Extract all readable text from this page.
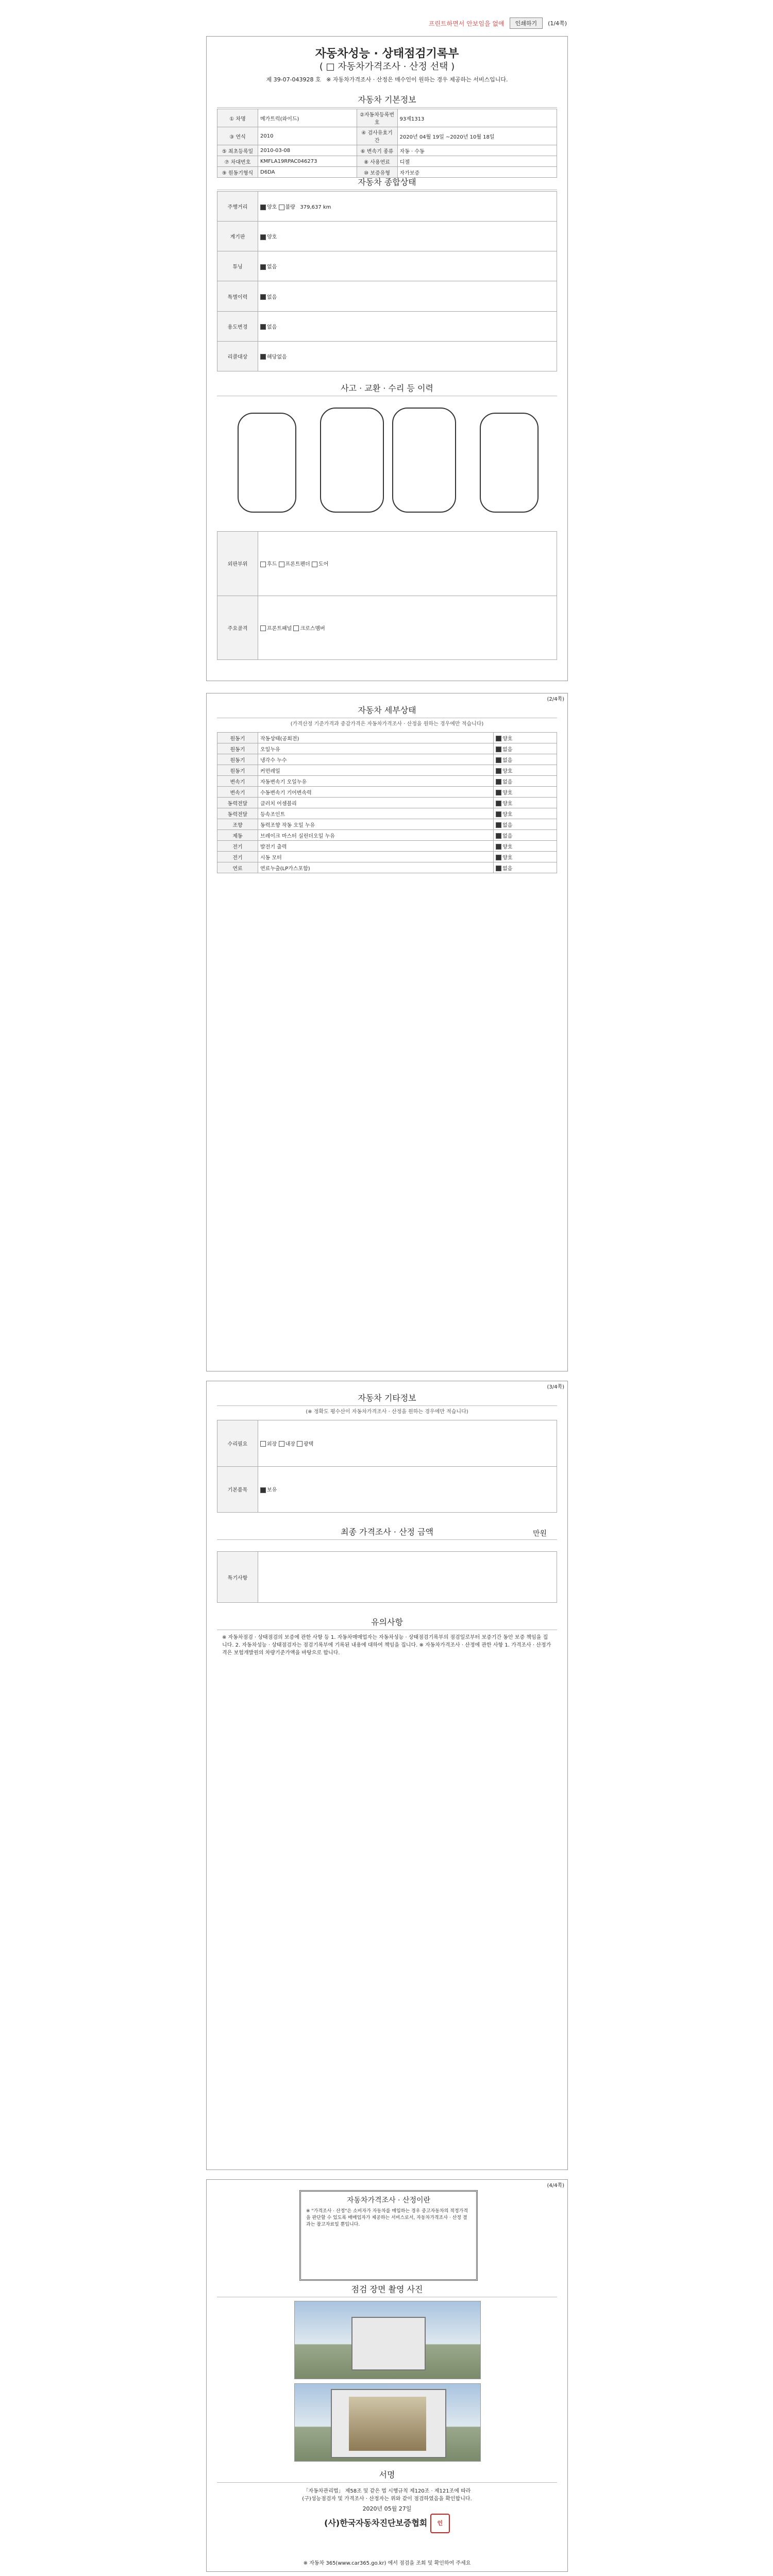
프린트하면서 안보임을 없애	인쇄하기	(1/4쪽)
자동차성능 · 상태점검기록부
( □ 자동차가격조사 · 산정 선택 )
제 39-07-043928 호 ※ 자동차가격조사 · 산정은 매수인이 원하는 경우 제공하는 서비스입니다.
자동차 기본정보
① 차명	메가트럭(와이드)	②자동차등록번호	93제1313
③ 연식	2010	④ 검사유효기간	2020년 04월 19일 ~2020년 10월 18일
⑤ 최초등록일	2010-03-08	⑥ 변속기 종류	자동 · 수동
⑦ 차대번호	KMFLA19RPAC046273	⑧ 사용연료	디젤
⑨ 원동기형식	D6DA	⑩ 보증유형	자가보증
자동차 종합상태
주행거리	양호 불량   379,637 km
계기판	양호
튜닝	없음
특별이력	없음
용도변경	없음
리콜대상	해당없음
사고 · 교환 · 수리 등 이력
외판부위	후드 프론트펜더 도어
주요골격	프론트패널 크로스멤버
(2/4쪽)
자동차 세부상태
(가격산정 기준가격과 중감가격은 자동차가격조사 · 산정을 원하는 경우에만 적습니다)
원동기	작동상태(공회전)	양호
원동기	오일누유	없음
원동기	냉각수 누수	없음
원동기	커먼레일	양호
변속기	자동변속기 오일누유	없음
변속기	수동변속기 기어변속력	양호
동력전달	클러치 어셈블리	양호
동력전달	등속조인트	양호
조향	동력조향 작동 오일 누유	없음
제동	브레이크 마스터 실린더오일 누유	없음
전기	발전기 출력	양호
전기	시동 모터	양호
연료	연료누출(LP가스포함)	없음
(3/4쪽)
자동차 기타정보
(※ 정확도 평수산이 자동차가격조사 · 산정을 원하는 경우에만 적습니다)
수리필요	외장 내장 광택
기본품목	보유
최종 가격조사 · 산정 금액	만원
특기사항	
유의사항
※ 자동차점검 · 상태점검의 보증에 관한 사항 등 1. 자동차매매업자는 자동차성능 · 상태점검기록부의 점검일로부터 보증기간 동안 보증 책임을 집니다. 2. 자동차성능 · 상태점검자는 점검기록부에 기록된 내용에 대하여 책임을 집니다. ※ 자동차가격조사 · 산정에 관한 사항 1. 가격조사 · 산정가격은 보험개발원의 차량기준가액을 바탕으로 합니다.
(4/4쪽)
자동차가격조사 · 산정이란
※ "가격조사 · 산정"은 소비자가 자동차를 매입하는 경우 중고자동차의 적정가격을 판단할 수 있도록 매매업자가 제공하는 서비스로서, 자동차가격조사 · 산정 결과는 참고자료일 뿐입니다.
점검 장면 촬영 사진
서명
「자동차관리법」 제58조 및 같은 법 시행규칙 제120조 · 제121조에 따라
(구)성능점검자 및 가격조사 · 산정자는 위와 같이 점검하였음을 확인합니다.
2020년 05월 27일
(사)한국자동차진단보증협회 인
※ 자동차 365(www.car365.go.kr) 에서 점검을 조회 및 확인하여 주세요
